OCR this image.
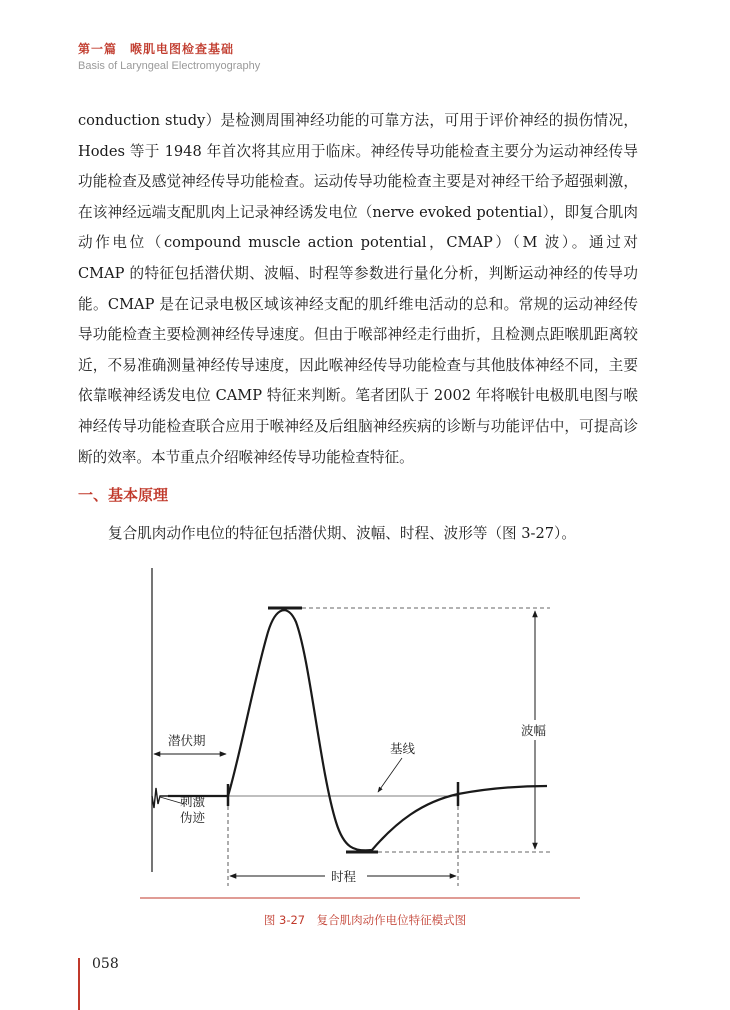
第一篇　喉肌电图检查基础
Basis of Laryngeal Electromyography
conduction study）是检测周围神经功能的可靠方法，可用于评价神经的损伤情况，Hodes 等于 1948 年首次将其应用于临床。神经传导功能检查主要分为运动神经传导功能检查及感觉神经传导功能检查。运动传导功能检查主要是对神经干给予超强刺激，在该神经远端支配肌肉上记录神经诱发电位（nerve evoked potential），即复合肌肉动作电位（compound muscle action potential，CMAP）（M 波）。通过对 CMAP 的特征包括潜伏期、波幅、时程等参数进行量化分析，判断运动神经的传导功能。CMAP 是在记录电极区域该神经支配的肌纤维电活动的总和。常规的运动神经传导功能检查主要检测神经传导速度。但由于喉部神经走行曲折，且检测点距喉肌距离较近，不易准确测量神经传导速度，因此喉神经传导功能检查与其他肢体神经不同，主要依靠喉神经诱发电位 CAMP 特征来判断。笔者团队于 2002 年将喉针电极肌电图与喉神经传导功能检查联合应用于喉神经及后组脑神经疾病的诊断与功能评估中，可提高诊断的效率。本节重点介绍喉神经传导功能检查特征。
一、基本原理
复合肌肉动作电位的特征包括潜伏期、波幅、时程、波形等（图 3-27）。
刺激
伪迹
基线
波幅
潜伏期
时程
图 3-27　复合肌肉动作电位特征模式图
058
